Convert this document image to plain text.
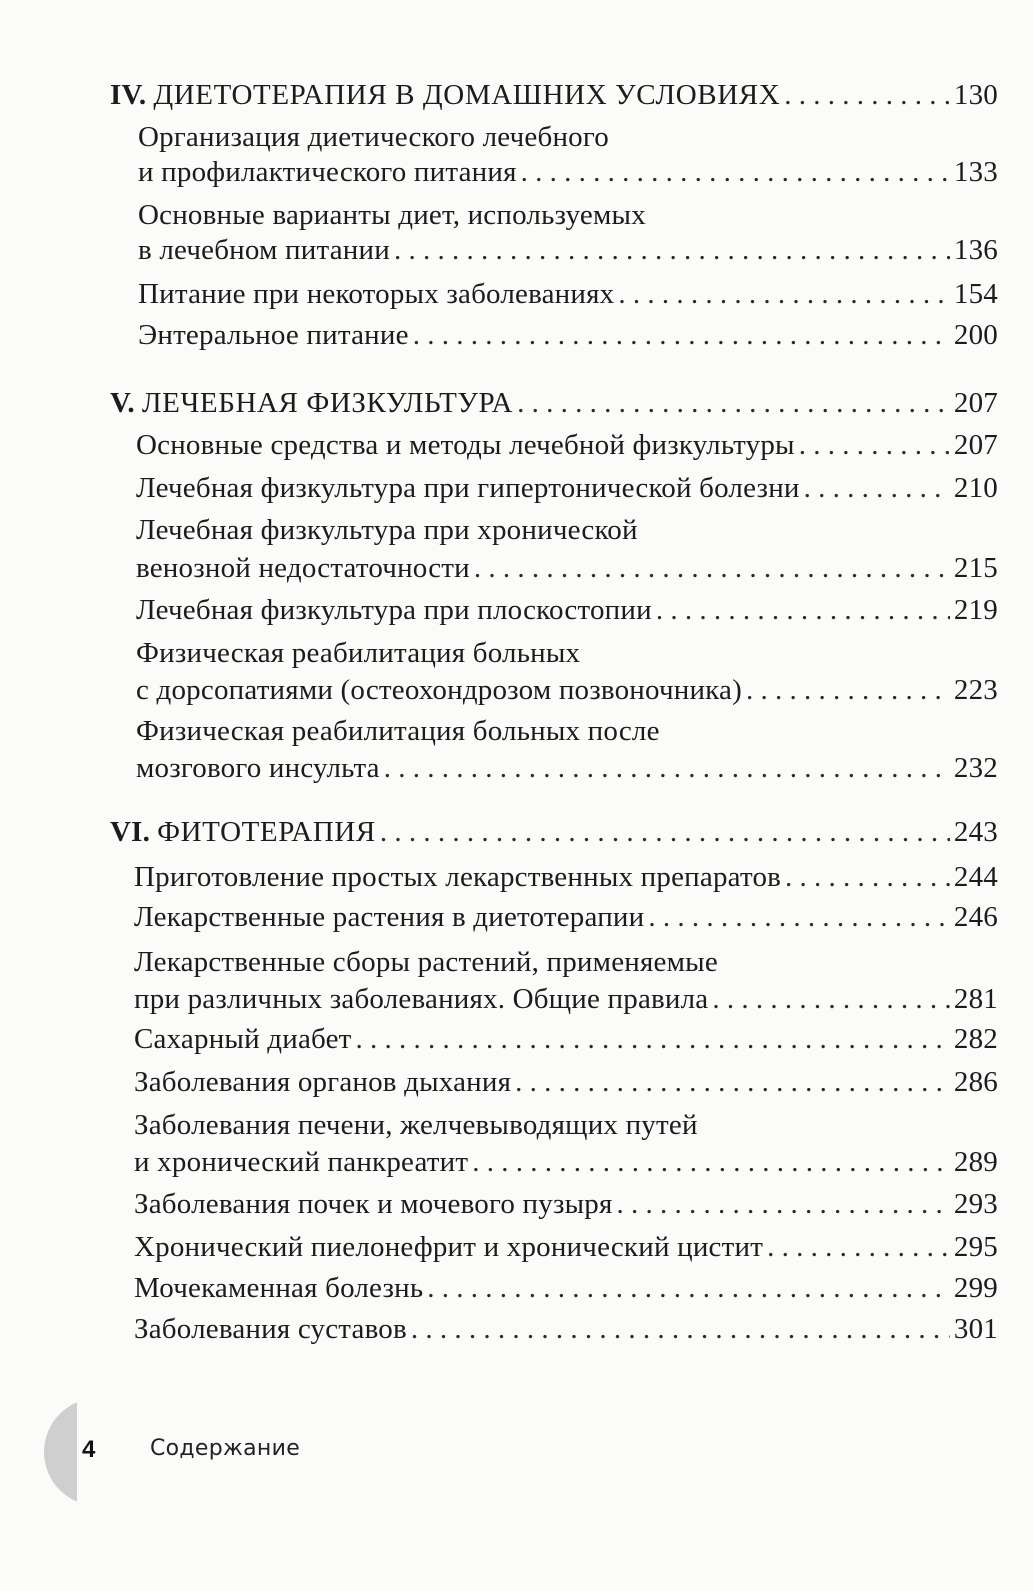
IV. ДИЕТОТЕРАПИЯ В ДОМАШНИХ УСЛОВИЯХ . . .	130
Организация диетического лечебного
и профилактического питания . . .	133
Основные варианты диет, используемых
в лечебном питании . . .	136
Питание при некоторых заболеваниях . . .	154
Энтеральное питание . . .	200
V. ЛЕЧЕБНАЯ ФИЗКУЛЬТУРА . . .	207
Основные средства и методы лечебной физкультуры . . .	207
Лечебная физкультура при гипертонической болезни . . .	210
Лечебная физкультура при хронической
венозной недостаточности . . .	215
Лечебная физкультура при плоскостопии . . .	219
Физическая реабилитация больных
с дорсопатиями (остеохондрозом позвоночника) . . .	223
Физическая реабилитация больных после
мозгового инсульта . . .	232
VI. ФИТОТЕРАПИЯ . . .	243
Приготовление простых лекарственных препаратов . . .	244
Лекарственные растения в диетотерапии . . .	246
Лекарственные сборы растений, применяемые
при различных заболеваниях. Общие правила . . .	281
Сахарный диабет . . .	282
Заболевания органов дыхания . . .	286
Заболевания печени, желчевыводящих путей
и хронический панкреатит . . .	289
Заболевания почек и мочевого пузыря . . .	293
Хронический пиелонефрит и хронический цистит . . .	295
Мочекаменная болезнь . . .	299
Заболевания суставов . . .	301
4 Содержание
